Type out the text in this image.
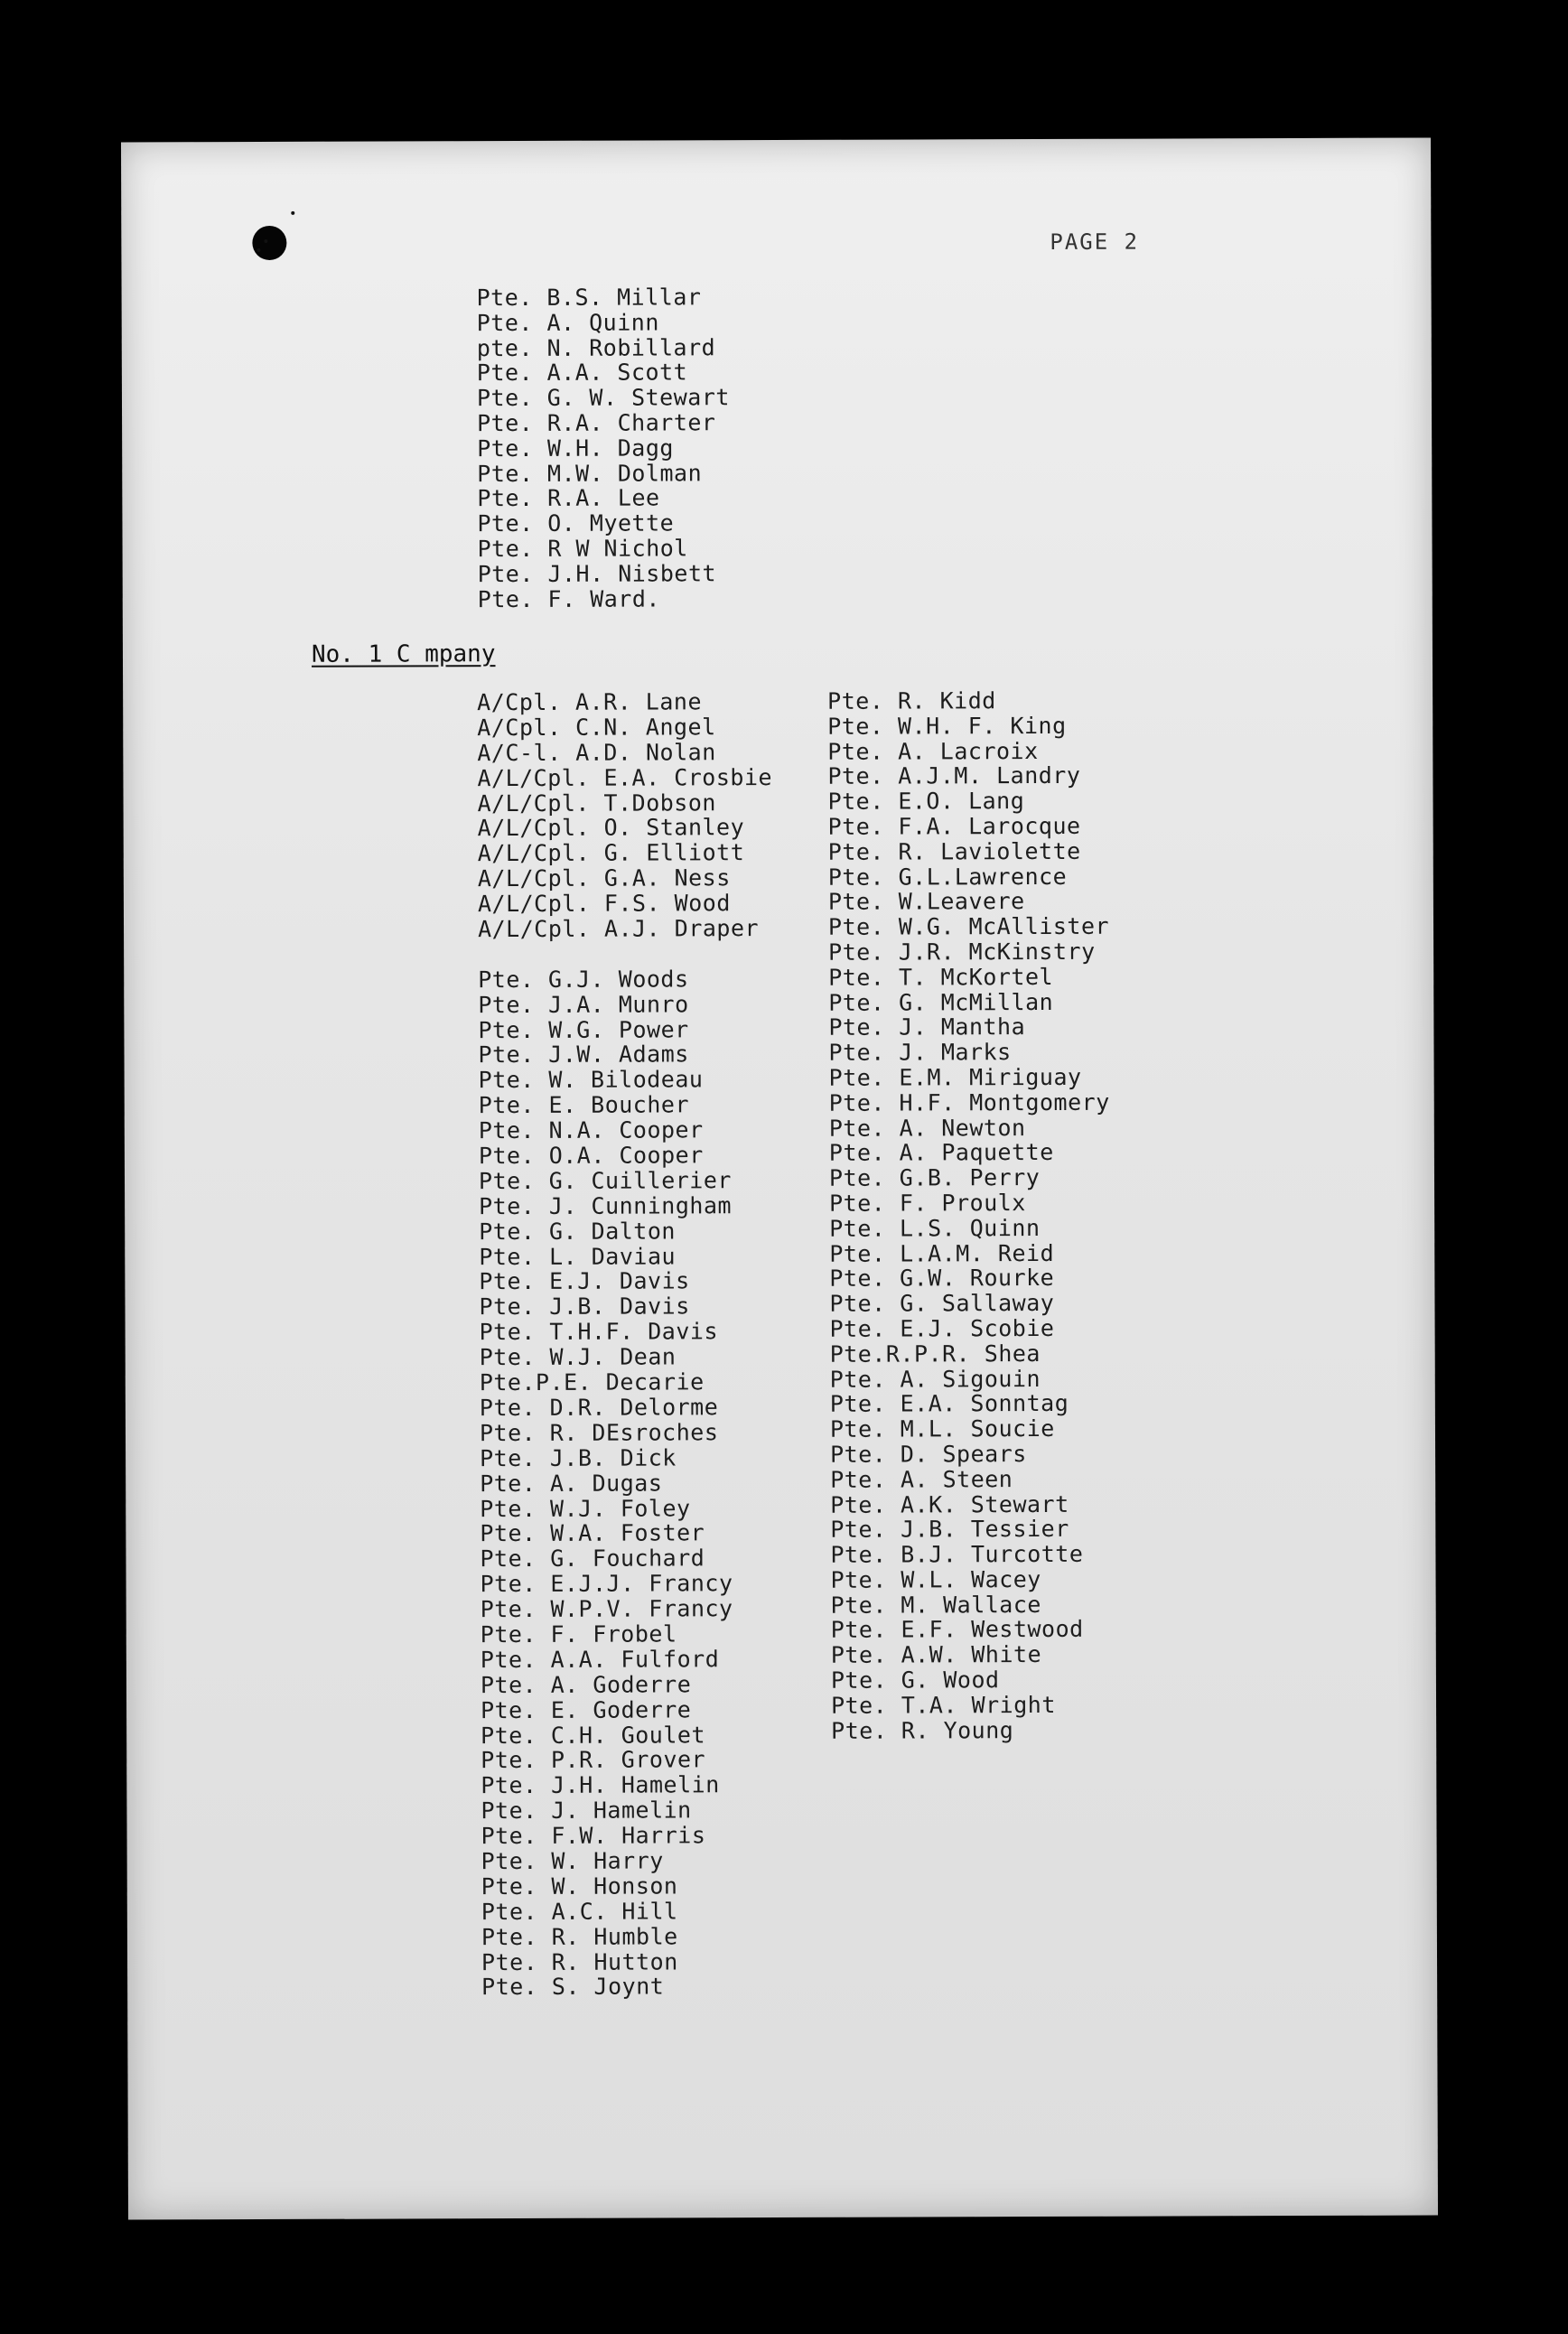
PAGE 2
Pte. B.S. Millar
Pte. A. Quinn
pte. N. Robillard
Pte. A.A. Scott
Pte. G. W. Stewart
Pte. R.A. Charter
Pte. W.H. Dagg
Pte. M.W. Dolman
Pte. R.A. Lee
Pte. O. Myette
Pte. R W Nichol
Pte. J.H. Nisbett
Pte. F. Ward.
No. 1 C mpany
A/Cpl. A.R. Lane
A/Cpl. C.N. Angel
A/C-l. A.D. Nolan
A/L/Cpl. E.A. Crosbie
A/L/Cpl. T.Dobson
A/L/Cpl. O. Stanley
A/L/Cpl. G. Elliott
A/L/Cpl. G.A. Ness
A/L/Cpl. F.S. Wood
A/L/Cpl. A.J. Draper
Pte. G.J. Woods
Pte. J.A. Munro
Pte. W.G. Power
Pte. J.W. Adams
Pte. W. Bilodeau
Pte. E. Boucher
Pte. N.A. Cooper
Pte. O.A. Cooper
Pte. G. Cuillerier
Pte. J. Cunningham
Pte. G. Dalton
Pte. L. Daviau
Pte. E.J. Davis
Pte. J.B. Davis
Pte. T.H.F. Davis
Pte. W.J. Dean
Pte.P.E. Decarie
Pte. D.R. Delorme
Pte. R. DEsroches
Pte. J.B. Dick
Pte. A. Dugas
Pte. W.J. Foley
Pte. W.A. Foster
Pte. G. Fouchard
Pte. E.J.J. Francy
Pte. W.P.V. Francy
Pte. F. Frobel
Pte. A.A. Fulford
Pte. A. Goderre
Pte. E. Goderre
Pte. C.H. Goulet
Pte. P.R. Grover
Pte. J.H. Hamelin
Pte. J. Hamelin
Pte. F.W. Harris
Pte. W. Harry
Pte. W. Honson
Pte. A.C. Hill
Pte. R. Humble
Pte. R. Hutton
Pte. S. Joynt
Pte. R. Kidd
Pte. W.H. F. King
Pte. A. Lacroix
Pte. A.J.M. Landry
Pte. E.O. Lang
Pte. F.A. Larocque
Pte. R. Laviolette
Pte. G.L.Lawrence
Pte. W.Leavere
Pte. W.G. McAllister
Pte. J.R. McKinstry
Pte. T. McKortel
Pte. G. McMillan
Pte. J. Mantha
Pte. J. Marks
Pte. E.M. Miriguay
Pte. H.F. Montgomery
Pte. A. Newton
Pte. A. Paquette
Pte. G.B. Perry
Pte. F. Proulx
Pte. L.S. Quinn
Pte. L.A.M. Reid
Pte. G.W. Rourke
Pte. G. Sallaway
Pte. E.J. Scobie
Pte.R.P.R. Shea
Pte. A. Sigouin
Pte. E.A. Sonntag
Pte. M.L. Soucie
Pte. D. Spears
Pte. A. Steen
Pte. A.K. Stewart
Pte. J.B. Tessier
Pte. B.J. Turcotte
Pte. W.L. Wacey
Pte. M. Wallace
Pte. E.F. Westwood
Pte. A.W. White
Pte. G. Wood
Pte. T.A. Wright
Pte. R. Young
